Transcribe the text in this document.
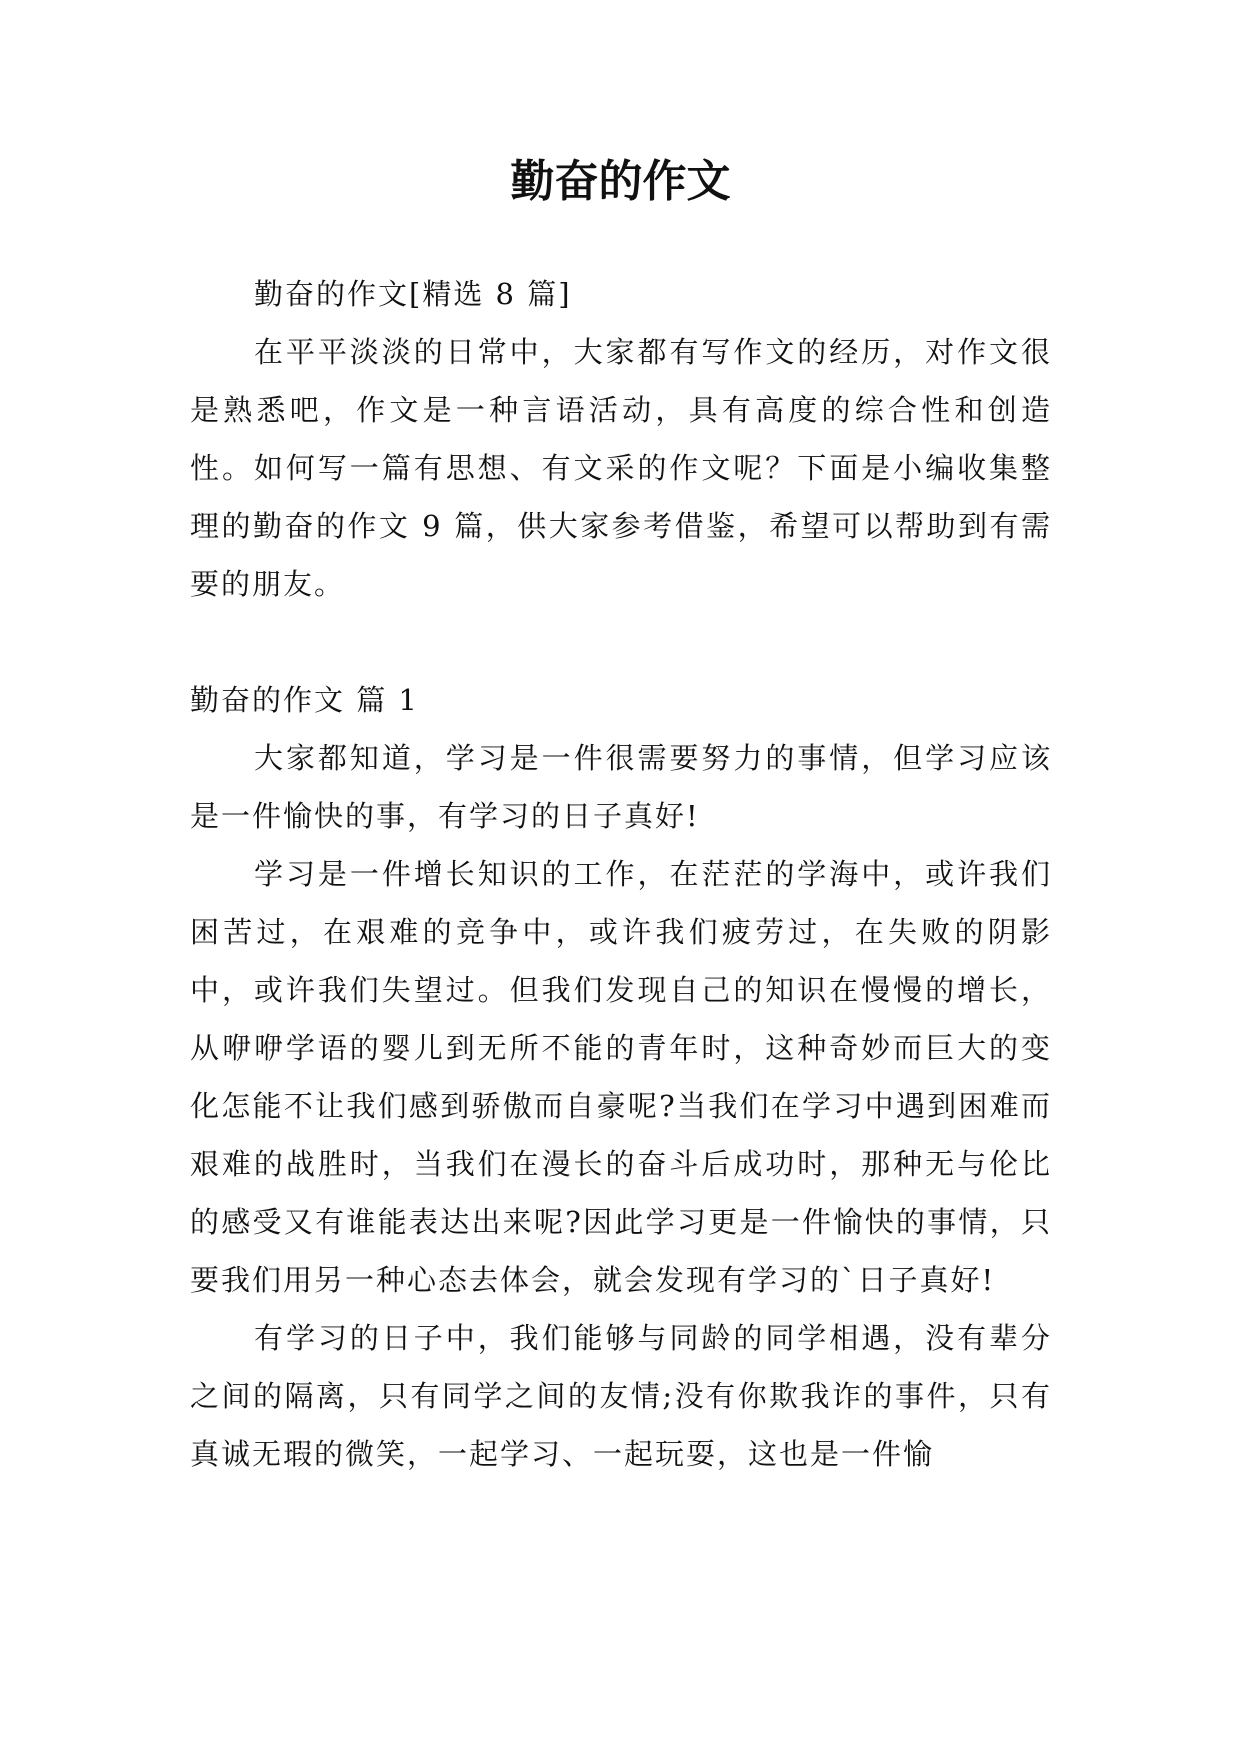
勤奋的作文

勤奋的作文[精选 8 篇]

在平平淡淡的日常中，大家都有写作文的经历，对作文很是熟悉吧，作文是一种言语活动，具有高度的综合性和创造性。如何写一篇有思想、有文采的作文呢？下面是小编收集整理的勤奋的作文 9 篇，供大家参考借鉴，希望可以帮助到有需要的朋友。

勤奋的作文 篇 1

大家都知道，学习是一件很需要努力的事情，但学习应该是一件愉快的事，有学习的日子真好!

学习是一件增长知识的工作，在茫茫的学海中，或许我们困苦过，在艰难的竞争中，或许我们疲劳过，在失败的阴影中，或许我们失望过。但我们发现自己的知识在慢慢的增长，从咿咿学语的婴儿到无所不能的青年时，这种奇妙而巨大的变化怎能不让我们感到骄傲而自豪呢?当我们在学习中遇到困难而艰难的战胜时，当我们在漫长的奋斗后成功时，那种无与伦比的感受又有谁能表达出来呢?因此学习更是一件愉快的事情，只要我们用另一种心态去体会，就会发现有学习的`日子真好!

有学习的日子中，我们能够与同龄的同学相遇，没有辈分之间的隔离，只有同学之间的友情;没有你欺我诈的事件，只有真诚无瑕的微笑，一起学习、一起玩耍，这也是一件愉
